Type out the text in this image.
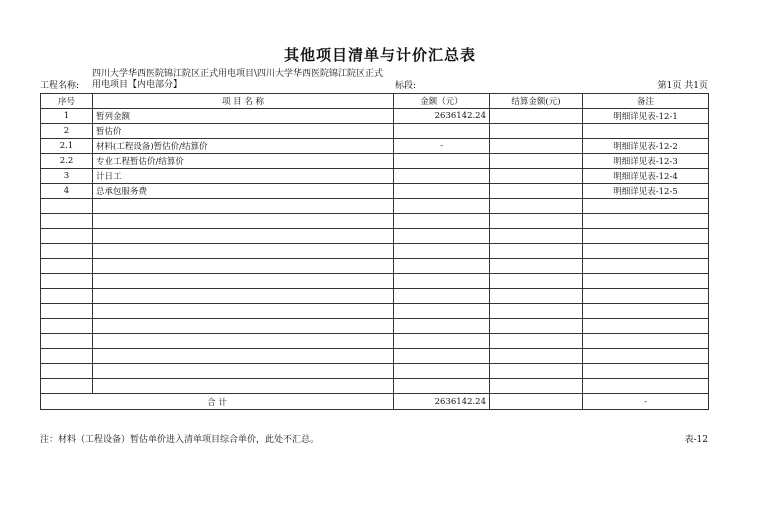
其他项目清单与计价汇总表
工程名称:
四川大学华西医院锦江院区正式用电项目\四川大学华西医院锦江院区正式用电项目【内电部分】	标段:	第1页 共1页
序号	项 目 名 称	金额（元）	结算金额(元)	备注
1	暂列金额	2636142.24		明细详见表-12-1
2	暂估价			
2.1	材料(工程设备)暂估价/结算价	-		明细详见表-12-2
2.2	专业工程暂估价/结算价			明细详见表-12-3
3	计日工			明细详见表-12-4
4	总承包服务费			明细详见表-12-5

合 计		2636142.24		-
注：材料（工程设备）暂估单价进入清单项目综合单价，此处不汇总。	表-12
